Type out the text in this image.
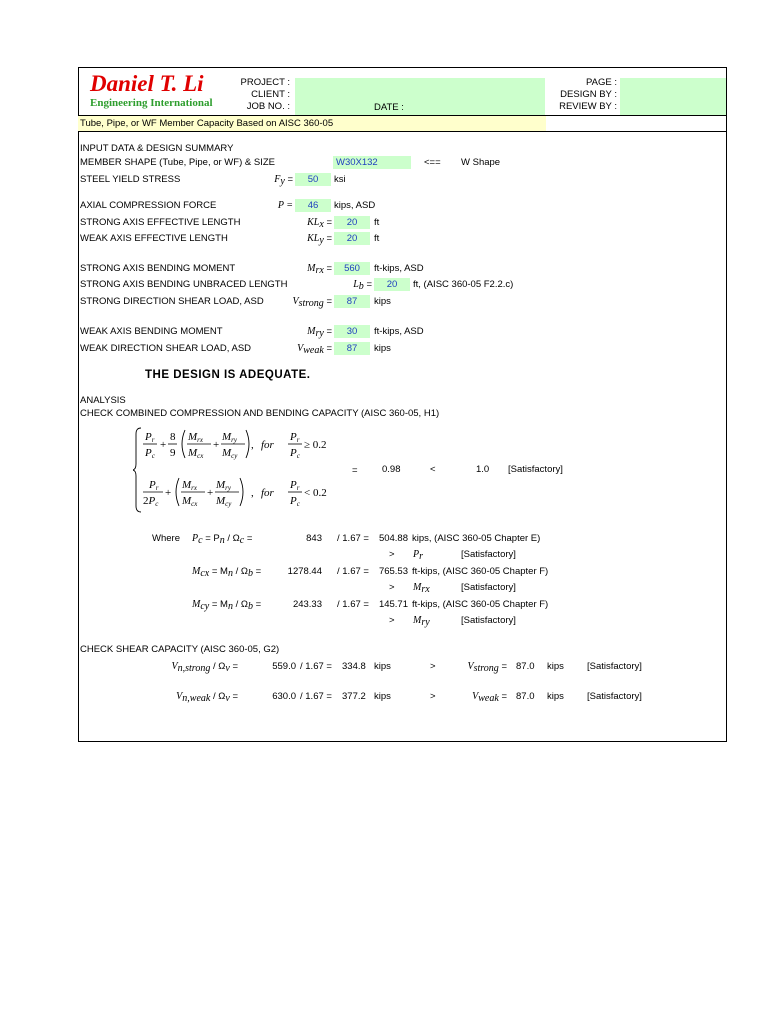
Daniel T. Li
Engineering International
PROJECT :
CLIENT :
JOB NO. :	DATE :
PAGE :
DESIGN BY :
REVIEW BY :
Tube, Pipe, or WF Member Capacity Based on AISC 360-05
INPUT DATA & DESIGN SUMMARY
MEMBER SHAPE (Tube, Pipe, or WF) & SIZE	W30X132	<== W Shape
STEEL YIELD STRESS	$F_y$ =	50	ksi
AXIAL COMPRESSION FORCE	P =	46	kips, ASD
STRONG AXIS EFFECTIVE LENGTH	$KL_x$ =	20	ft
WEAK AXIS EFFECTIVE LENGTH	$KL_y$ =	20	ft
STRONG AXIS BENDING MOMENT	$M_{rx}$ =	560	ft-kips, ASD
STRONG AXIS BENDING UNBRACED LENGTH	$L_b$ =	20	ft, (AISC 360-05 F2.2.c)
STRONG DIRECTION SHEAR LOAD, ASD	$V_{strong}$ =	87	kips
WEAK AXIS BENDING MOMENT	$M_{ry}$ =	30	ft-kips, ASD
WEAK DIRECTION SHEAR LOAD, ASD	$V_{weak}$ =	87	kips
THE DESIGN IS ADEQUATE.
ANALYSIS
CHECK COMBINED COMPRESSION AND BENDING CAPACITY (AISC 360-05, H1)
Pr
Pc
+
8
9
Mrx
Mcx
+
Mry
Mcy
, for
Pr
Pc
≥ 0.2
Pr
2Pc
+
Mrx
Mcx
+
Mry
Mcy
, for
Pr
Pc
< 0.2
=	0.98	<	1.0 [Satisfactory]
Where $P_c = P_n / \Omega_c$ =	843 / 1.67 =	504.88 kips, (AISC 360-05 Chapter E)
> $P_r$	[Satisfactory]
$M_{cx} = M_n / \Omega_b$ =	1278.44 / 1.67 =	765.53 ft-kips, (AISC 360-05 Chapter F)
> $M_{rx}$	[Satisfactory]
$M_{cy} = M_n / \Omega_b$ =	243.33 / 1.67 =	145.71 ft-kips, (AISC 360-05 Chapter F)
> $M_{ry}$	[Satisfactory]
CHECK SHEAR CAPACITY (AISC 360-05, G2)
$V_{n,strong} / \Omega_v$ =	559.0 / 1.67 = 334.8 kips	>	$V_{strong} = 87.0$ kips [Satisfactory]
$V_{n,weak} / \Omega_v$ =	630.0 / 1.67 = 377.2 kips	>	$V_{weak} = 87.0$ kips [Satisfactory]
